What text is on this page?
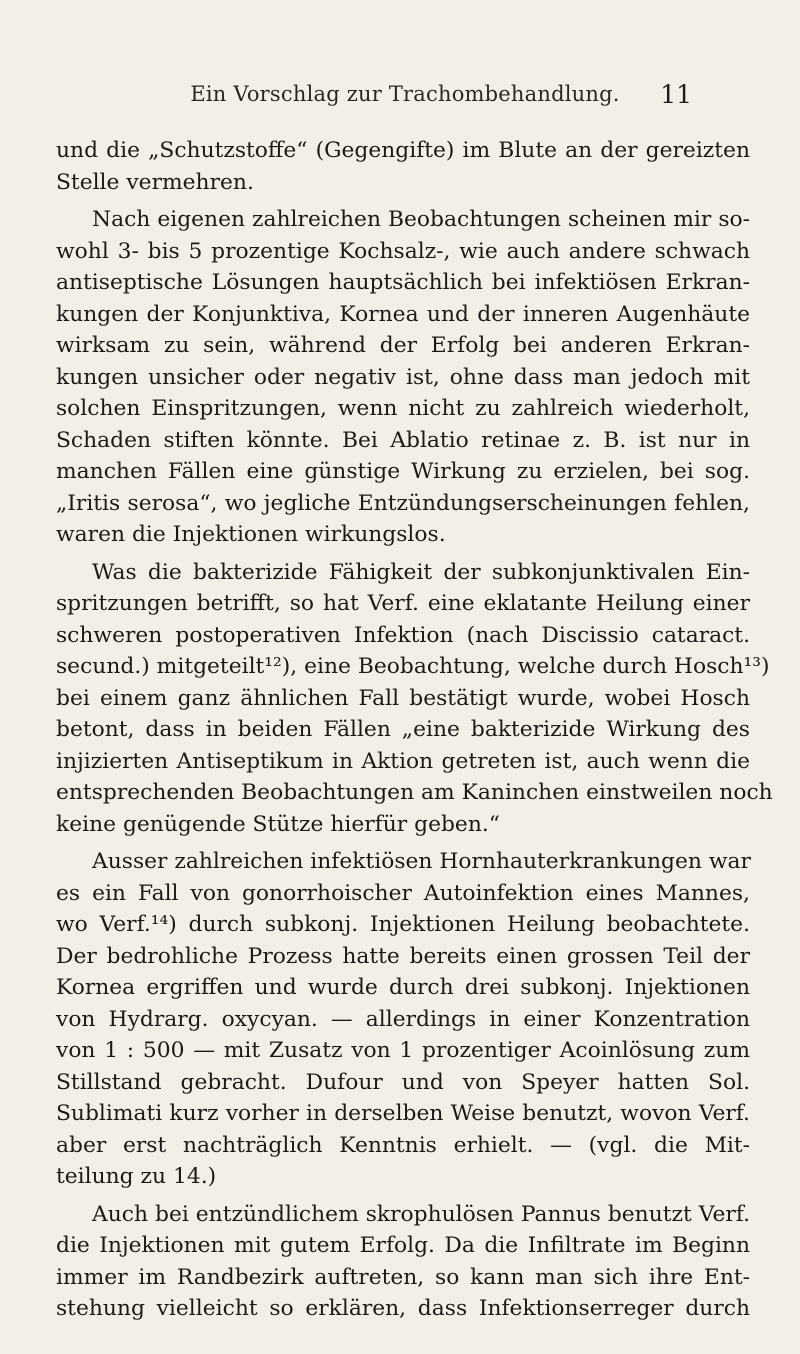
Ein Vorschlag zur Trachombehandlung.	11
und die „Schutzstoffe“ (Gegengifte) im Blute an der gereizten
Stelle vermehren.
Nach eigenen zahlreichen Beobachtungen scheinen mir so-
wohl 3- bis 5 prozentige Kochsalz-, wie auch andere schwach
antiseptische Lösungen hauptsächlich bei infektiösen Erkran-
kungen der Konjunktiva, Kornea und der inneren Augenhäute
wirksam zu sein, während der Erfolg bei anderen Erkran-
kungen unsicher oder negativ ist, ohne dass man jedoch mit
solchen Einspritzungen, wenn nicht zu zahlreich wiederholt,
Schaden stiften könnte. Bei Ablatio retinae z. B. ist nur in
manchen Fällen eine günstige Wirkung zu erzielen, bei sog.
„Iritis serosa“, wo jegliche Entzündungserscheinungen fehlen,
waren die Injektionen wirkungslos.
Was die bakterizide Fähigkeit der subkonjunktivalen Ein-
spritzungen betrifft, so hat Verf. eine eklatante Heilung einer
schweren postoperativen Infektion (nach Discissio cataract.
secund.) mitgeteilt¹²), eine Beobachtung, welche durch Hosch¹³)
bei einem ganz ähnlichen Fall bestätigt wurde, wobei Hosch
betont, dass in beiden Fällen „eine bakterizide Wirkung des
injizierten Antiseptikum in Aktion getreten ist, auch wenn die
entsprechenden Beobachtungen am Kaninchen einstweilen noch
keine genügende Stütze hierfür geben.“
Ausser zahlreichen infektiösen Hornhauterkrankungen war
es ein Fall von gonorrhoischer Autoinfektion eines Mannes,
wo Verf.¹⁴) durch subkonj. Injektionen Heilung beobachtete.
Der bedrohliche Prozess hatte bereits einen grossen Teil der
Kornea ergriffen und wurde durch drei subkonj. Injektionen
von Hydrarg. oxycyan. — allerdings in einer Konzentration
von 1 : 500 — mit Zusatz von 1 prozentiger Acoinlösung zum
Stillstand gebracht. Dufour und von Speyer hatten Sol.
Sublimati kurz vorher in derselben Weise benutzt, wovon Verf.
aber erst nachträglich Kenntnis erhielt. — (vgl. die Mit-
teilung zu 14.)
Auch bei entzündlichem skrophulösen Pannus benutzt Verf.
die Injektionen mit gutem Erfolg. Da die Infiltrate im Beginn
immer im Randbezirk auftreten, so kann man sich ihre Ent-
stehung vielleicht so erklären, dass Infektionserreger durch
